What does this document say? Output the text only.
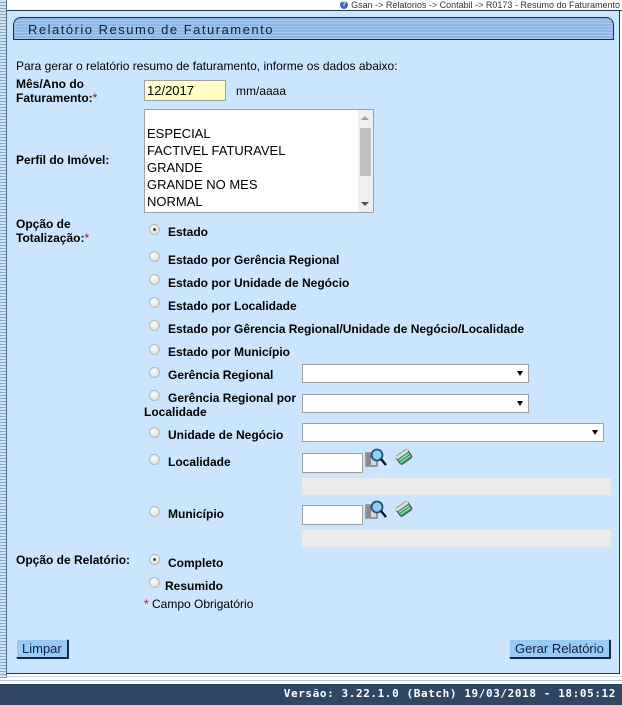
? Gsan -> Relatorios -> Contabil -> R0173 - Resumo do Faturamento
Relatório Resumo de Faturamento
Para gerar o relatório resumo de faturamento, informe os dados abaixo:
Mês/Ano do
Faturamento:*	12/2017	mm/aaaa
Perfil do Imóvel:
ESPECIAL
FACTIVEL FATURAVEL
GRANDE
GRANDE NO MES
NORMAL
Opção de
Totalização:*	Estado
Estado por Gerência Regional
Estado por Unidade de Negócio
Estado por Localidade
Estado por Gêrencia Regional/Unidade de Negócio/Localidade
Estado por Município
Gerência Regional
Gerência Regional por
Localidade
Unidade de Negócio
Localidade
Município
Opção de Relatório:	Completo
Resumido
* Campo Obrigatório
Limpar	Gerar Relatório
Versão: 3.22.1.0 (Batch) 19/03/2018 - 18:05:12
